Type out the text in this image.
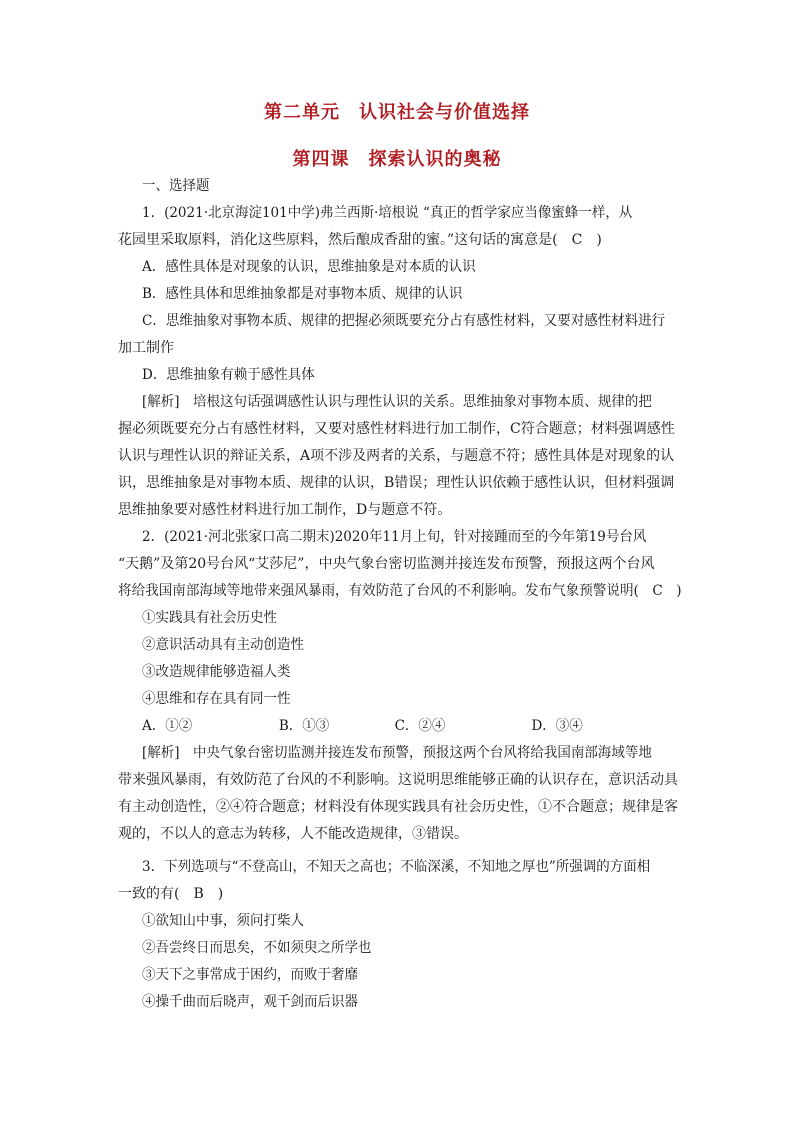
第二单元　认识社会与价值选择
第四课　探索认识的奥秘
一、选择题
1．(2021·北京海淀101中学)弗兰西斯·培根说 “真正的哲学家应当像蜜蜂一样，从
花园里采取原料，消化这些原料，然后酿成香甜的蜜。”这句话的寓意是(　C　)
A．感性具体是对现象的认识，思维抽象是对本质的认识
B．感性具体和思维抽象都是对事物本质、规律的认识
C．思维抽象对事物本质、规律的把握必须既要充分占有感性材料，又要对感性材料进行
加工制作
D．思维抽象有赖于感性具体
[解析]　培根这句话强调感性认识与理性认识的关系。思维抽象对事物本质、规律的把
握必须既要充分占有感性材料，又要对感性材料进行加工制作，C符合题意；材料强调感性
认识与理性认识的辩证关系，A项不涉及两者的关系，与题意不符；感性具体是对现象的认
识，思维抽象是对事物本质、规律的认识，B错误；理性认识依赖于感性认识，但材料强调
思维抽象要对感性材料进行加工制作，D与题意不符。
2．(2021·河北张家口高二期末)2020年11月上旬，针对接踵而至的今年第19号台风
“天鹅”及第20号台风“艾莎尼”，中央气象台密切监测并接连发布预警，预报这两个台风
将给我国南部海域等地带来强风暴雨，有效防范了台风的不利影响。发布气象预警说明(　C　)
①实践具有社会历史性
②意识活动具有主动创造性
③改造规律能够造福人类
④思维和存在具有同一性
A．①②	B．①③	C．②④	D．③④
[解析]　中央气象台密切监测并接连发布预警，预报这两个台风将给我国南部海域等地
带来强风暴雨，有效防范了台风的不利影响。这说明思维能够正确的认识存在，意识活动具
有主动创造性，②④符合题意；材料没有体现实践具有社会历史性，①不合题意；规律是客
观的，不以人的意志为转移，人不能改造规律，③错误。
3．下列选项与“不登高山，不知天之高也；不临深溪，不知地之厚也”所强调的方面相
一致的有(　B　)
①欲知山中事，须问打柴人
②吾尝终日而思矣，不如须臾之所学也
③天下之事常成于困约，而败于奢靡
④操千曲而后晓声，观千剑而后识器
